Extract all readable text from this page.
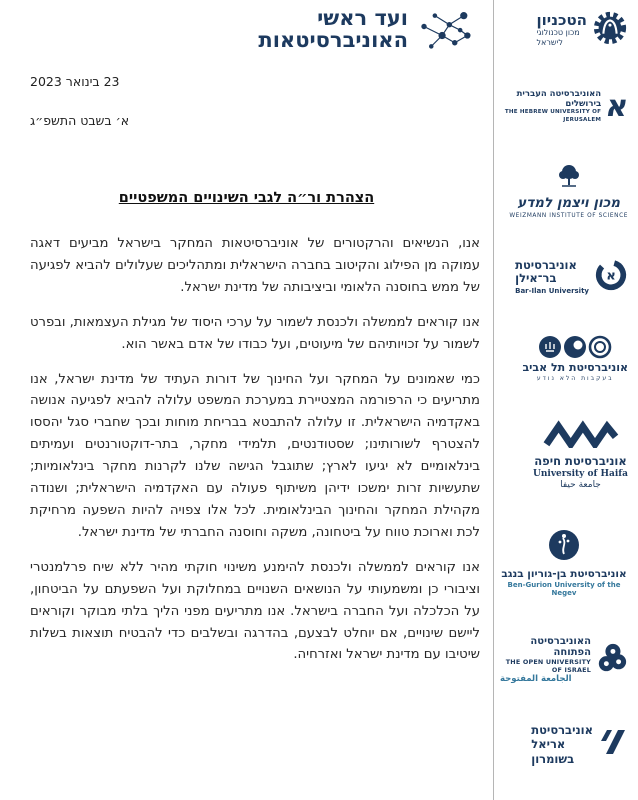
ועד ראשי
האוניברסיטאות
23 בינואר 2023
א׳ בשבט התשפ״ג
הצהרת ור״ה לגבי השינויים המשפטיים

אנו, הנשיאים והרקטורים של אוניברסיטאות המחקר בישראל מביעים דאגה עמוקה מן הפילוג והקיטוב בחברה הישראלית ומתהליכים שעלולים להביא לפגיעה של ממש בחוסנה הלאומי וביציבותה של מדינת ישראל.

אנו קוראים לממשלה ולכנסת לשמור על ערכי היסוד של מגילת העצמאות, ובפרט לשמור על זכויותיהם של מיעוטים, ועל כבודו של אדם באשר הוא.

כמי שאמונים על המחקר ועל החינוך של דורות העתיד של מדינת ישראל, אנו מתריעים כי הרפורמה המצטיירת במערכת המשפט עלולה להביא לפגיעה אנושה באקדמיה הישראלית. זו עלולה להתבטא בבריחת מוחות ובכך שחברי סגל יהססו להצטרף לשורותינו; שסטודנטים, תלמידי מחקר, בתר-דוקטורנטים ועמיתים בינלאומיים לא יגיעו לארץ; שתוגבל הגישה שלנו לקרנות מחקר בינלאומיות; שתעשיות זרות ימשכו ידיהן משיתוף פעולה עם האקדמיה הישראלית; ושנודה מקהילת המחקר והחינוך הבינלאומית. לכל אלו צפויה להיות השפעה מרחיקת לכת וארוכת טווח על ביטחונה, משקה וחוסנה החברתי של מדינת ישראל.

אנו קוראים לממשלה ולכנסת להימנע משינוי חוקתי מהיר ללא שיח פרלמנטרי וציבורי כן ומשמעותי על הנושאים השנויים במחלוקת ועל השפעתם על הביטחון, על הכלכלה ועל החברה בישראל. אנו מתריעים מפני הליך בלתי מבוקר וקוראים ליישם שינויים, אם יוחלט לבצעם, בהדרגה ובשלבים כדי להבטיח תוצאות בשלות שיטיבו עם מדינת ישראל ואזרחיה.

הטכניון
מכון טכנולוגי
לישראל
א
האוניברסיטה העברית בירושלים
THE HEBREW UNIVERSITY OF JERUSALEM
מכון ויצמן למדע
WEIZMANN INSTITUTE OF SCIENCE
א
אוניברסיטת
בר־אילן
Bar-Ilan University
אוניברסיטת תל אביב
בעקבות הלא נודע
אוניברסיטת חיפה
University of Haifa
جامعة حيفا
אוניברסיטת בן-גוריון בנגב
Ben-Gurion University of the Negev
האוניברסיטה הפתוחה
THE OPEN UNIVERSITY OF ISRAEL
الجامعة المفتوحة
אוניברסיטת
אריאל
בשומרון
